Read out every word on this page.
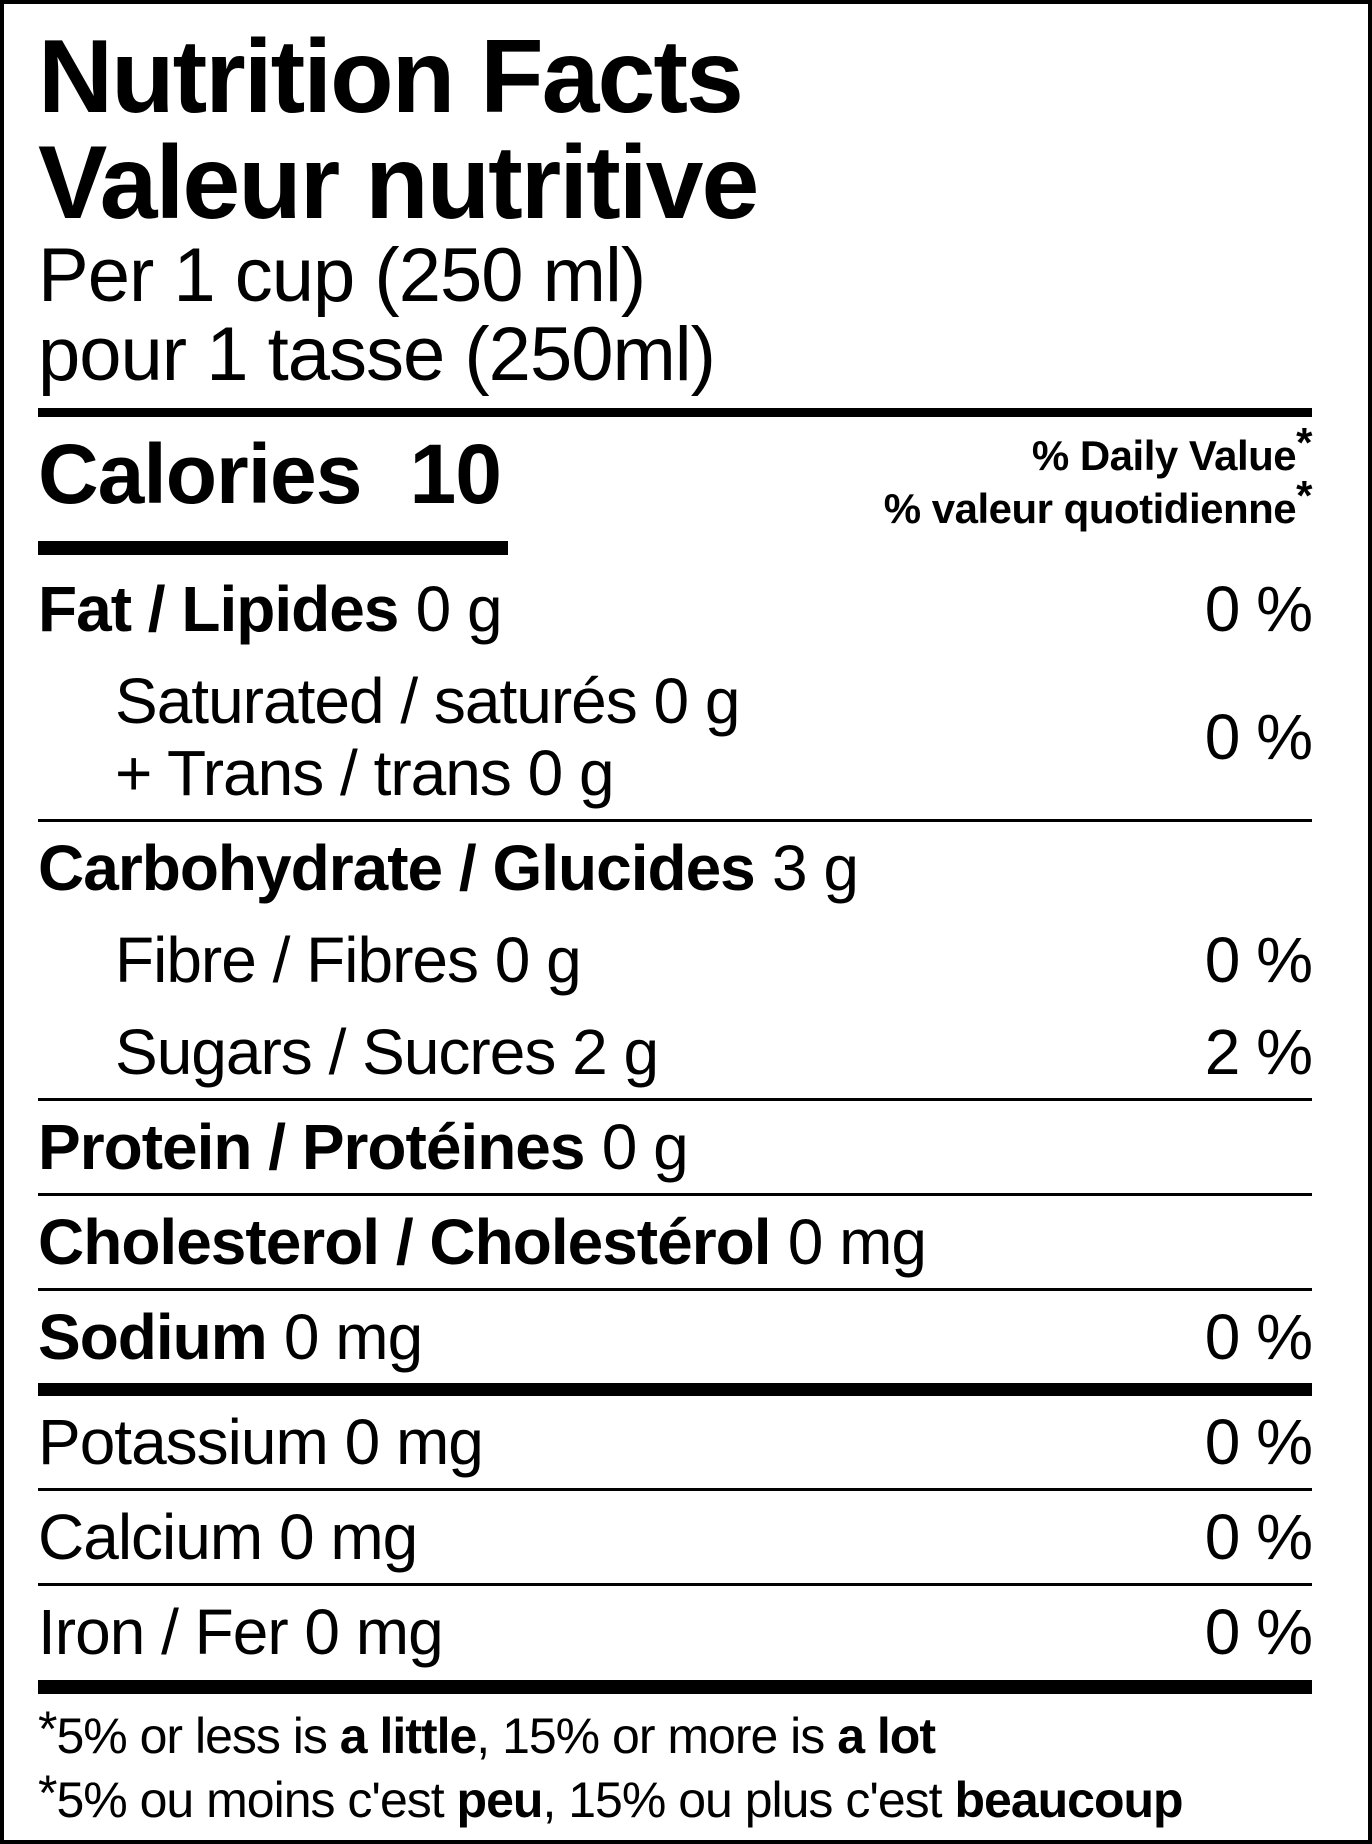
Nutrition Facts
Valeur nutritive
Per 1 cup (250 ml)
pour 1 tasse (250ml)
Calories 10	% Daily Value*
% valeur quotidienne*
Fat / Lipides 0 g	0 %
Saturated / saturés 0 g
+ Trans / trans 0 g	0 %
Carbohydrate / Glucides 3 g
Fibre / Fibres 0 g	0 %
Sugars / Sucres 2 g	2 %
Protein / Protéines 0 g
Cholesterol / Cholestérol 0 mg
Sodium 0 mg	0 %
Potassium 0 mg	0 %
Calcium 0 mg	0 %
Iron / Fer 0 mg	0 %

*5% or less is a little, 15% or more is a lot

*5% ou moins c'est peu, 15% ou plus c'est beaucoup
